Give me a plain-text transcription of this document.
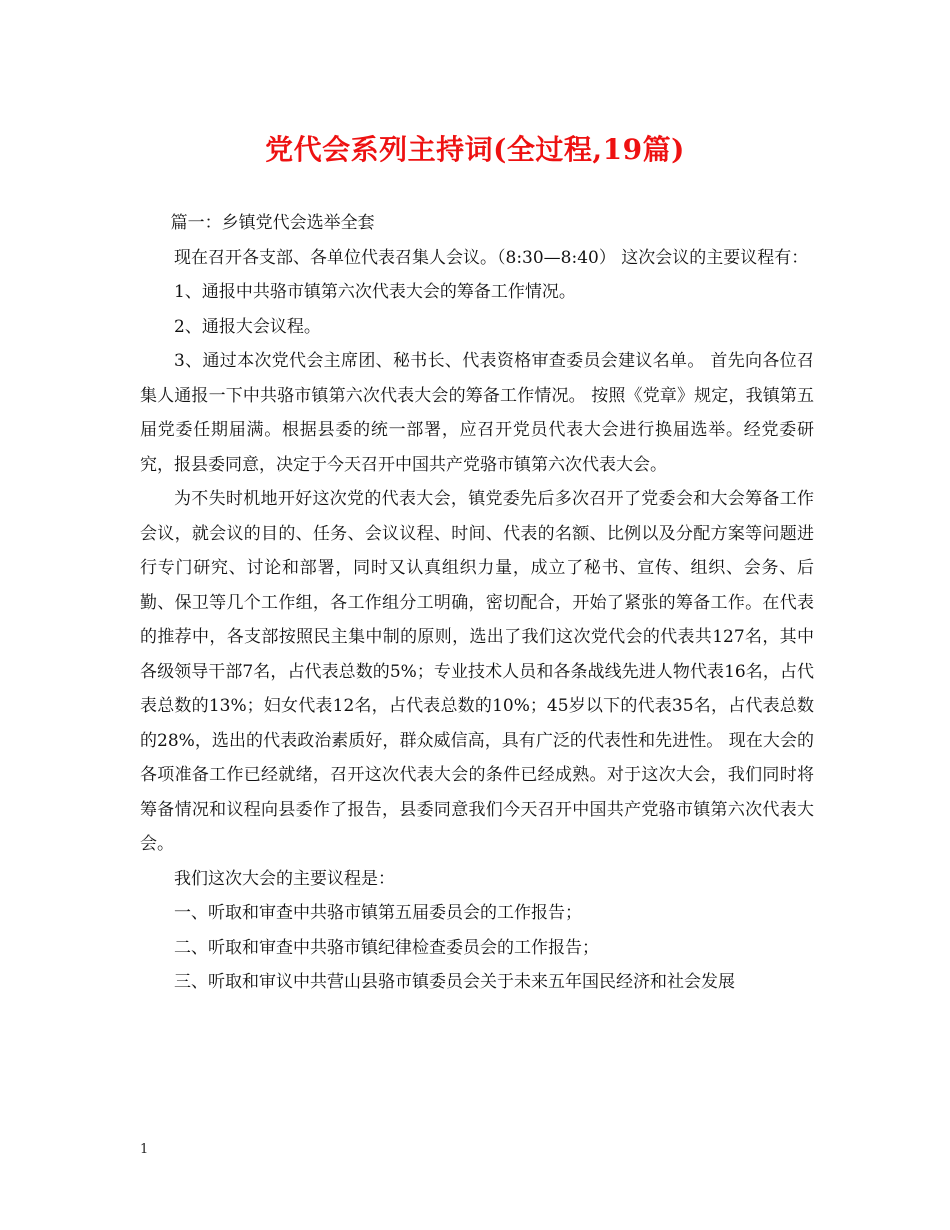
党代会系列主持词(全过程,19篇)

篇一：乡镇党代会选举全套

现在召开各支部、各单位代表召集人会议。（8:30—8:40） 这次会议的主要议程有：

1、通报中共骆市镇第六次代表大会的筹备工作情况。

2、通报大会议程。

3、通过本次党代会主席团、秘书长、代表资格审查委员会建议名单。 首先向各位召集人通报一下中共骆市镇第六次代表大会的筹备工作情况。 按照《党章》规定，我镇第五届党委任期届满。根据县委的统一部署，应召开党员代表大会进行换届选举。经党委研究，报县委同意，决定于今天召开中国共产党骆市镇第六次代表大会。

为不失时机地开好这次党的代表大会，镇党委先后多次召开了党委会和大会筹备工作会议，就会议的目的、任务、会议议程、时间、代表的名额、比例以及分配方案等问题进行专门研究、讨论和部署，同时又认真组织力量，成立了秘书、宣传、组织、会务、后勤、保卫等几个工作组，各工作组分工明确，密切配合，开始了紧张的筹备工作。在代表的推荐中，各支部按照民主集中制的原则，选出了我们这次党代会的代表共127名，其中各级领导干部7名，占代表总数的5%；专业技术人员和各条战线先进人物代表16名，占代表总数的13%；妇女代表12名，占代表总数的10%；45岁以下的代表35名，占代表总数的28%，选出的代表政治素质好，群众威信高，具有广泛的代表性和先进性。 现在大会的各项准备工作已经就绪，召开这次代表大会的条件已经成熟。对于这次大会，我们同时将筹备情况和议程向县委作了报告，县委同意我们今天召开中国共产党骆市镇第六次代表大会。

我们这次大会的主要议程是：

一、听取和审查中共骆市镇第五届委员会的工作报告；

二、听取和审查中共骆市镇纪律检查委员会的工作报告；

三、听取和审议中共营山县骆市镇委员会关于未来五年国民经济和社会发展

1
